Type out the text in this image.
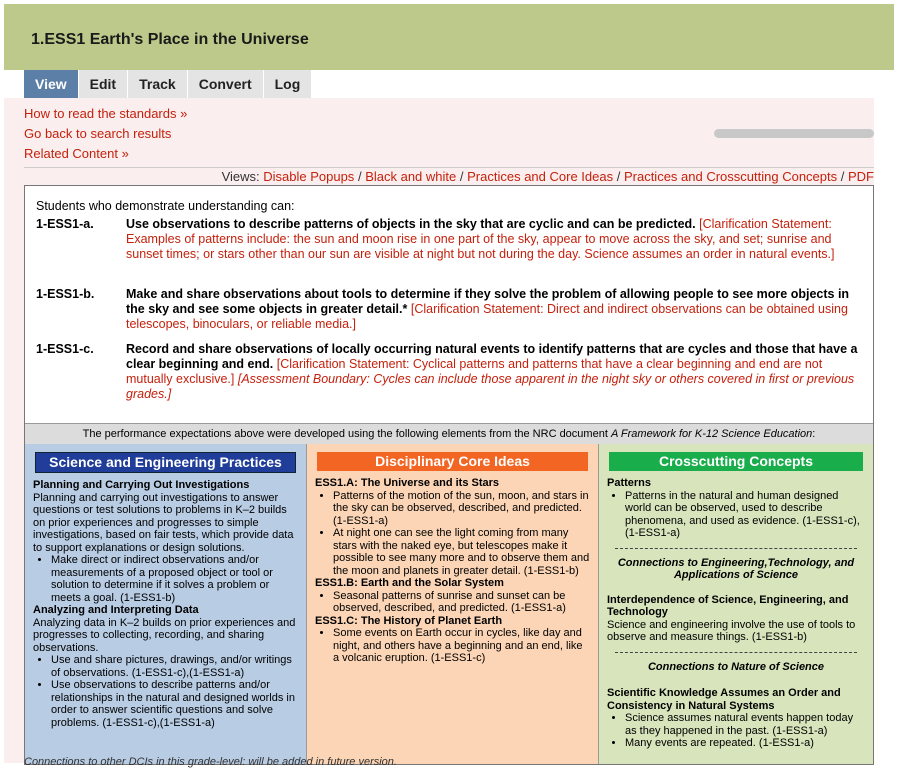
1.ESS1 Earth's Place in the Universe
View	Edit	Track	Convert	Log
How to read the standards »
Go back to search results
Related Content »
Views: Disable Popups / Black and white / Practices and Core Ideas / Practices and Crosscutting Concepts / PDF
Students who demonstrate understanding can:
1-ESS1-a.	Use observations to describe patterns of objects in the sky that are cyclic and can be predicted. [Clarification Statement: Examples of patterns include: the sun and moon rise in one part of the sky, appear to move across the sky, and set; sunrise and sunset times; or stars other than our sun are visible at night but not during the day. Science assumes an order in natural events.]
1-ESS1-b.	Make and share observations about tools to determine if they solve the problem of allowing people to see more objects in the sky and see some objects in greater detail.* [Clarification Statement: Direct and indirect observations can be obtained using telescopes, binoculars, or reliable media.]
1-ESS1-c.	Record and share observations of locally occurring natural events to identify patterns that are cycles and those that have a clear beginning and end. [Clarification Statement: Cyclical patterns and patterns that have a clear beginning and end are not mutually exclusive.] [Assessment Boundary: Cycles can include those apparent in the night sky or others covered in first or previous grades.]
The performance expectations above were developed using the following elements from the NRC document A Framework for K-12 Science Education:
Science and Engineering Practices
Planning and Carrying Out Investigations
Planning and carrying out investigations to answer questions or test solutions to problems in K–2 builds on prior experiences and progresses to simple investigations, based on fair tests, which provide data to support explanations or design solutions.
• Make direct or indirect observations and/or measurements of a proposed object or tool or solution to determine if it solves a problem or meets a goal. (1-ESS1-b)
Analyzing and Interpreting Data
Analyzing data in K–2 builds on prior experiences and progresses to collecting, recording, and sharing observations.
• Use and share pictures, drawings, and/or writings of observations. (1-ESS1-c),(1-ESS1-a)
• Use observations to describe patterns and/or relationships in the natural and designed worlds in order to answer scientific questions and solve problems. (1-ESS1-c),(1-ESS1-a)
Disciplinary Core Ideas
ESS1.A: The Universe and its Stars
• Patterns of the motion of the sun, moon, and stars in the sky can be observed, described, and predicted. (1-ESS1-a)
• At night one can see the light coming from many stars with the naked eye, but telescopes make it possible to see many more and to observe them and the moon and planets in greater detail. (1-ESS1-b)
ESS1.B: Earth and the Solar System
• Seasonal patterns of sunrise and sunset can be observed, described, and predicted. (1-ESS1-a)
ESS1.C: The History of Planet Earth
• Some events on Earth occur in cycles, like day and night, and others have a beginning and an end, like a volcanic eruption. (1-ESS1-c)
Crosscutting Concepts
Patterns
• Patterns in the natural and human designed world can be observed, used to describe phenomena, and used as evidence. (1-ESS1-c),(1-ESS1-a)
Connections to Engineering,Technology, and Applications of Science
Interdependence of Science, Engineering, and Technology
Science and engineering involve the use of tools to observe and measure things. (1-ESS1-b)
Connections to Nature of Science
Scientific Knowledge Assumes an Order and Consistency in Natural Systems
• Science assumes natural events happen today as they happened in the past. (1-ESS1-a)
• Many events are repeated. (1-ESS1-a)
Connections to other DCIs in this grade-level: will be added in future version.
